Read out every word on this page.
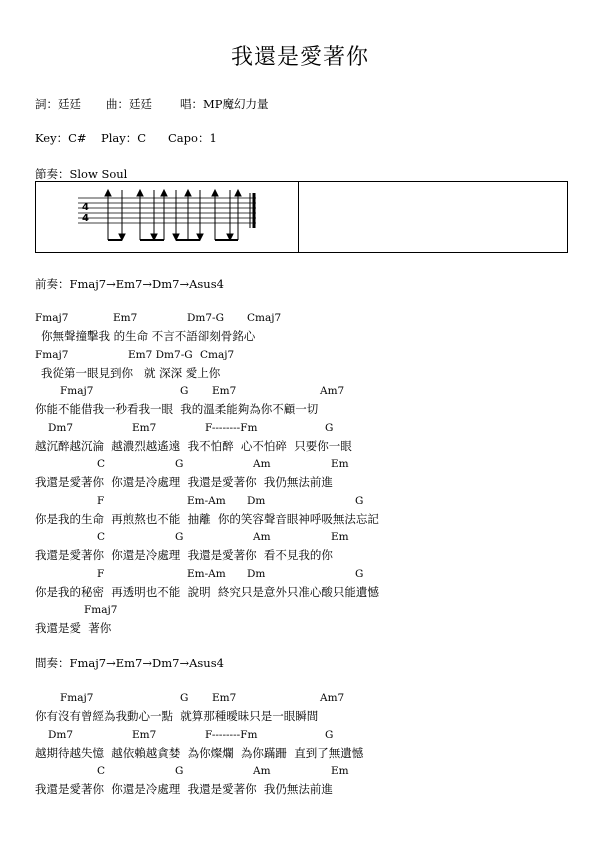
我還是愛著你
詞：廷廷 曲：廷廷 唱：MP魔幻力量
Key：C# Play：C Capo：1
節奏：Slow Soul
4
4
前奏：Fmaj7→Em7→Dm7→Asus4
Fmaj7	Em7	Dm7-G Cmaj7
你無聲撞擊我 的生命 不言不語卻刻骨銘心
Fmaj7	Em7 Dm7-G Cmaj7
我從第一眼見到你   就 深深 愛上你
Fmaj7	G Em7	Am7
你能不能借我一秒看我一眼  我的溫柔能夠為你不顧一切
Dm7	Em7	F--------Fm	G
越沉醉越沉淪  越濃烈越遙遠  我不怕醉  心不怕碎  只要你一眼
C	G	Am	Em
我還是愛著你  你還是冷處理  我還是愛著你  我仍無法前進
F	Em-Am Dm	G
你是我的生命  再煎熬也不能  抽離  你的笑容聲音眼神呼吸無法忘記
C	G	Am	Em
我還是愛著你  你還是冷處理  我還是愛著你  看不見我的你
F	Em-Am Dm	G
你是我的秘密  再透明也不能  說明  終究只是意外只准心酸只能遺憾
Fmaj7
我還是愛  著你
間奏：Fmaj7→Em7→Dm7→Asus4
Fmaj7	G Em7	Am7
你有沒有曾經為我動心一點  就算那種曖昧只是一眼瞬間
Dm7	Em7	F--------Fm	G
越期待越失憶  越依賴越貪婪  為你燦爛  為你蹣跚  直到了無遺憾
C	G	Am	Em
我還是愛著你  你還是冷處理  我還是愛著你  我仍無法前進
